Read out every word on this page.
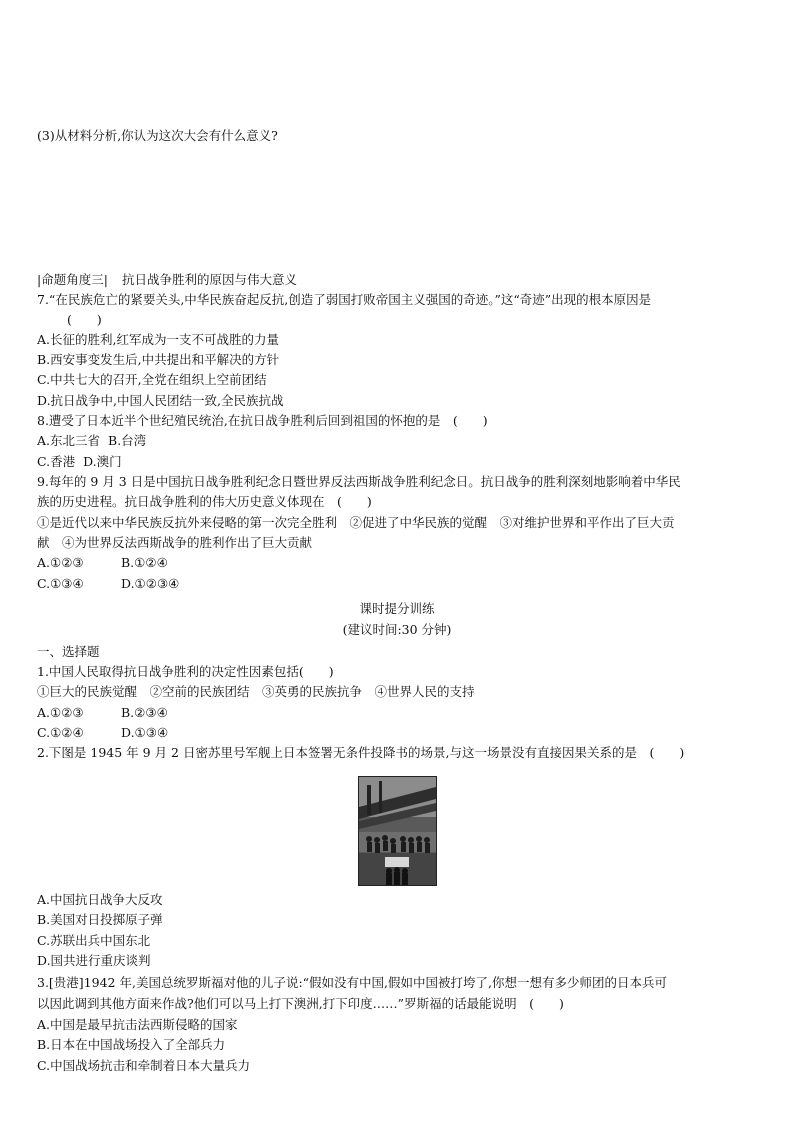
(3)从材料分析,你认为这次大会有什么意义?
|命题角度三| 抗日战争胜利的原因与伟大意义
7.“在民族危亡的紧要关头,中华民族奋起反抗,创造了弱国打败帝国主义强国的奇迹。”这“奇迹”出现的根本原因是
(　　)
A.长征的胜利,红军成为一支不可战胜的力量
B.西安事变发生后,中共提出和平解决的方针
C.中共七大的召开,全党在组织上空前团结
D.抗日战争中,中国人民团结一致,全民族抗战
8.遭受了日本近半个世纪殖民统治,在抗日战争胜利后回到祖国的怀抱的是　(　　)
A.东北三省 B.台湾
C.香港 D.澳门
9.每年的 9 月 3 日是中国抗日战争胜利纪念日暨世界反法西斯战争胜利纪念日。抗日战争的胜利深刻地影响着中华民
族的历史进程。抗日战争胜利的伟大历史意义体现在　(　　)
①是近代以来中华民族反抗外来侵略的第一次完全胜利　②促进了中华民族的觉醒　③对维护世界和平作出了巨大贡
献　④为世界反法西斯战争的胜利作出了巨大贡献
A.①②③	B.①②④
C.①③④	D.①②③④
课时提分训练
(建议时间:30 分钟)
一、选择题
1.中国人民取得抗日战争胜利的决定性因素包括(　　)
①巨大的民族觉醒　②空前的民族团结　③英勇的民族抗争　④世界人民的支持
A.①②③	B.②③④
C.①②④	D.①③④
2.下图是 1945 年 9 月 2 日密苏里号军舰上日本签署无条件投降书的场景,与这一场景没有直接因果关系的是　(　　)
A.中国抗日战争大反攻
B.美国对日投掷原子弹
C.苏联出兵中国东北
D.国共进行重庆谈判
3.[贵港]1942 年,美国总统罗斯福对他的儿子说:“假如没有中国,假如中国被打垮了,你想一想有多少师团的日本兵可
以因此调到其他方面来作战?他们可以马上打下澳洲,打下印度……”罗斯福的话最能说明　(　　)
A.中国是最早抗击法西斯侵略的国家
B.日本在中国战场投入了全部兵力
C.中国战场抗击和牵制着日本大量兵力
